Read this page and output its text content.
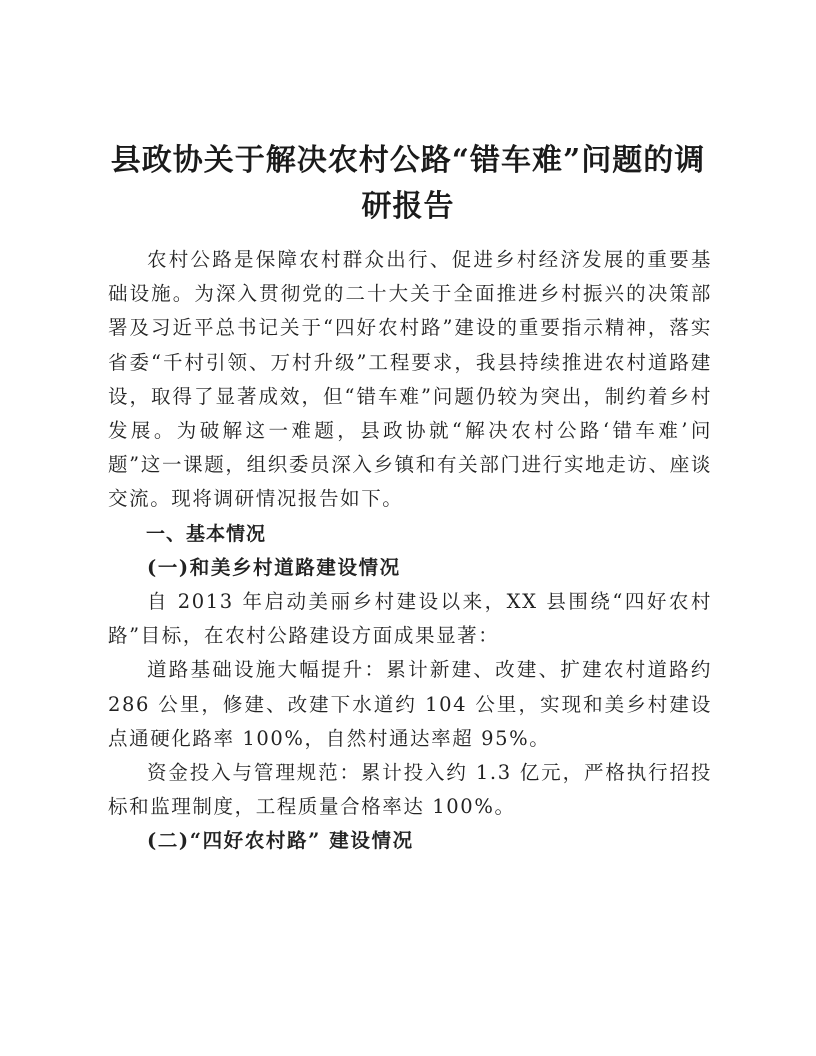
县政协关于解决农村公路“错车难”问题的调研报告

农村公路是保障农村群众出行、促进乡村经济发展的重要基础设施。为深入贯彻党的二十大关于全面推进乡村振兴的决策部署及习近平总书记关于“四好农村路”建设的重要指示精神，落实省委“千村引领、万村升级”工程要求，我县持续推进农村道路建设，取得了显著成效，但“错车难”问题仍较为突出，制约着乡村发展。为破解这一难题，县政协就“解决农村公路‘错车难’问题”这一课题，组织委员深入乡镇和有关部门进行实地走访、座谈交流。现将调研情况报告如下。

一、基本情况

(一)和美乡村道路建设情况

自 2013 年启动美丽乡村建设以来，XX 县围绕“四好农村路”目标，在农村公路建设方面成果显著：

道路基础设施大幅提升：累计新建、改建、扩建农村道路约 286 公里，修建、改建下水道约 104 公里，实现和美乡村建设点通硬化路率 100%，自然村通达率超 95%。

资金投入与管理规范：累计投入约 1.3 亿元，严格执行招投标和监理制度，工程质量合格率达 100%。

(二)“四好农村路” 建设情况
